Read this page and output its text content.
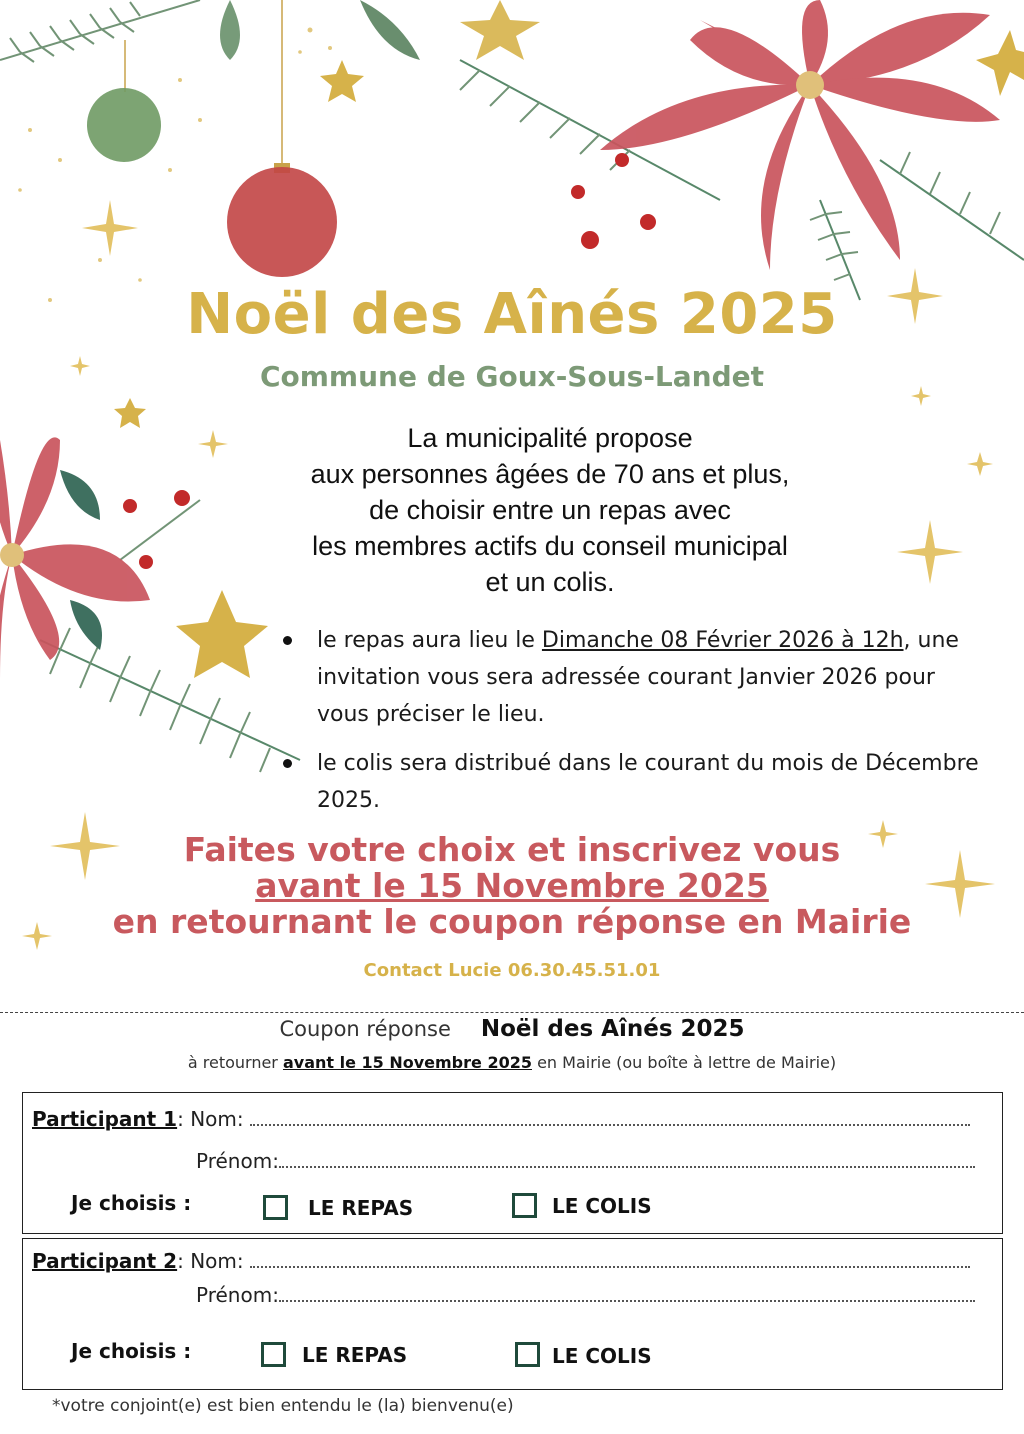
Noël des Aînés 2025
Commune de Goux-Sous-Landet
La municipalité propose
aux personnes âgées de 70 ans et plus,
de choisir entre un repas avec
les membres actifs du conseil municipal
et un colis.
le repas aura lieu le Dimanche 08 Février 2026 à 12h, une invitation vous sera adressée courant Janvier 2026 pour vous préciser le lieu.
le colis sera distribué dans le courant du mois de Décembre 2025.
Faites votre choix et inscrivez vous
avant le 15 Novembre 2025
en retournant le coupon réponse en Mairie
Contact Lucie 06.30.45.51.01
Coupon réponse Noël des Aînés 2025
à retourner avant le 15 Novembre 2025 en Mairie (ou boîte à lettre de Mairie)
Participant 1: Nom:
Prénom:
Je choisis :	LE REPAS	LE COLIS
Participant 2: Nom:
Prénom:
Je choisis :	LE REPAS	LE COLIS
*votre conjoint(e) est bien entendu le (la) bienvenu(e)
